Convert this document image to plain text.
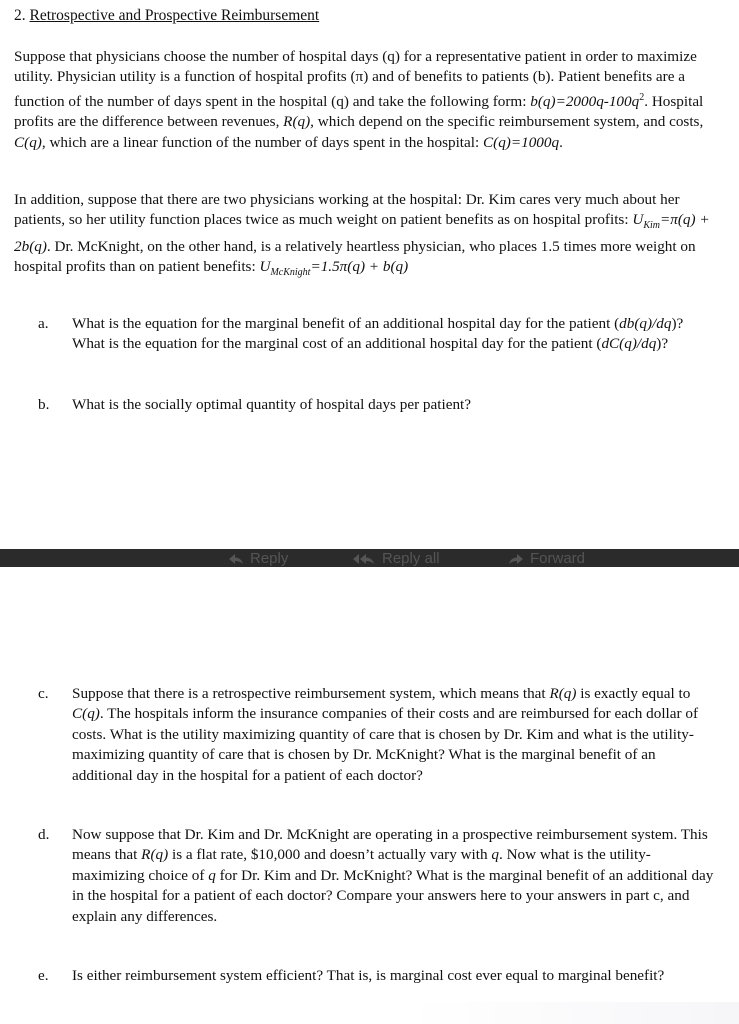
2. Retrospective and Prospective Reimbursement

Suppose that physicians choose the number of hospital days (q) for a representative patient in order to maximize utility. Physician utility is a function of hospital profits (π) and of benefits to patients (b). Patient benefits are a function of the number of days spent in the hospital (q) and take the following form: $b(q)=2000q-100q^2$. Hospital profits are the difference between revenues, R(q), which depend on the specific reimbursement system, and costs, C(q), which are a linear function of the number of days spent in the hospital: C(q)=1000q.

In addition, suppose that there are two physicians working at the hospital: Dr. Kim cares very much about her patients, so her utility function places twice as much weight on patient benefits as on hospital profits: $U_{Kim}=\pi(q) + 2b(q)$. Dr. McKnight, on the other hand, is a relatively heartless physician, who places 1.5 times more weight on hospital profits than on patient benefits: $U_{McKnight}=1.5\pi(q) + b(q)$

a.	What is the equation for the marginal benefit of an additional hospital day for the patient (db(q)/dq)? What is the equation for the marginal cost of an additional hospital day for the patient (dC(q)/dq)?
b.	What is the socially optimal quantity of hospital days per patient?
Reply	Reply all	Forward
c.	Suppose that there is a retrospective reimbursement system, which means that R(q) is exactly equal to C(q). The hospitals inform the insurance companies of their costs and are reimbursed for each dollar of costs. What is the utility maximizing quantity of care that is chosen by Dr. Kim and what is the utility-maximizing quantity of care that is chosen by Dr. McKnight? What is the marginal benefit of an additional day in the hospital for a patient of each doctor?
d.	Now suppose that Dr. Kim and Dr. McKnight are operating in a prospective reimbursement system. This means that R(q) is a flat rate, $10,000 and doesn’t actually vary with q. Now what is the utility-maximizing choice of q for Dr. Kim and Dr. McKnight? What is the marginal benefit of an additional day in the hospital for a patient of each doctor? Compare your answers here to your answers in part c, and explain any differences.
e.	Is either reimbursement system efficient? That is, is marginal cost ever equal to marginal benefit?
